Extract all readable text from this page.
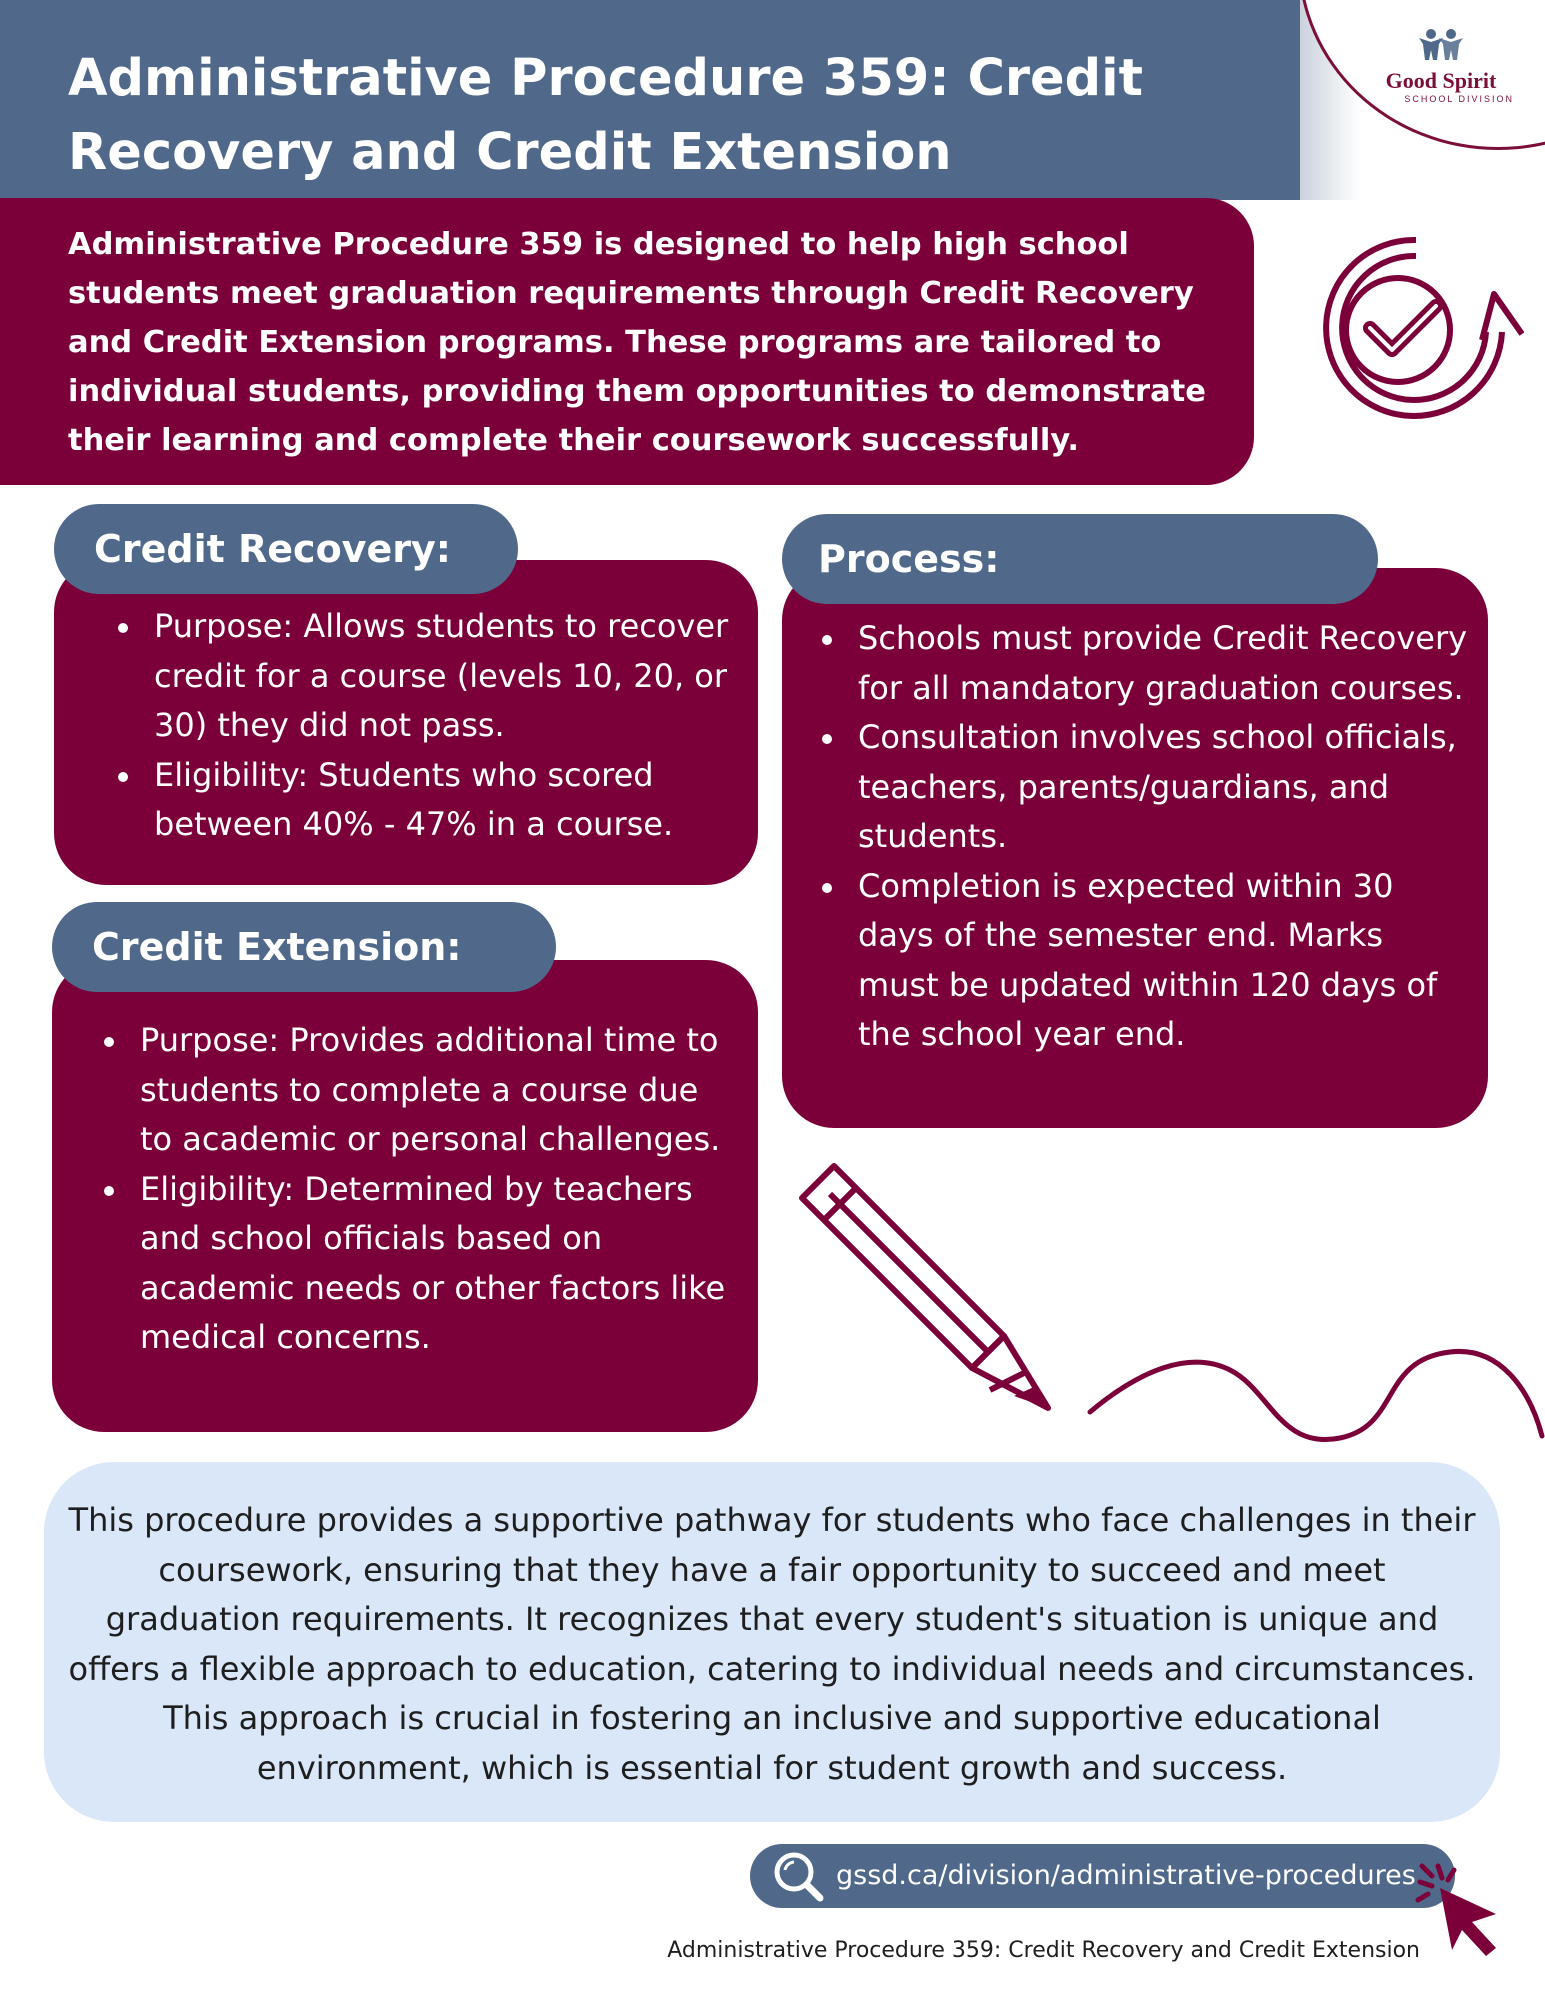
Administrative Procedure 359: Credit
Recovery and Credit Extension
Good Spirit
SCHOOL DIVISION

Administrative Procedure 359 is designed to help high school students meet graduation requirements through Credit Recovery and Credit Extension programs. These programs are tailored to individual students, providing them opportunities to demonstrate their learning and complete their coursework successfully.

Purpose: Allows students to recover credit for a course (levels 10, 20, or 30) they did not pass.
Eligibility: Students who scored between 40% - 47% in a course.
Credit Recovery:
Purpose: Provides additional time to students to complete a course due to academic or personal challenges.
Eligibility: Determined by teachers and school officials based on academic needs or other factors like medical concerns.
Credit Extension:
Schools must provide Credit Recovery for all mandatory graduation courses.
Consultation involves school officials, teachers, parents/guardians, and students.
Completion is expected within 30 days of the semester end. Marks must be updated within 120 days of the school year end.
Process:

This procedure provides a supportive pathway for students who face challenges in their coursework, ensuring that they have a fair opportunity to succeed and meet graduation requirements. It recognizes that every student's situation is unique and offers a flexible approach to education, catering to individual needs and circumstances. This approach is crucial in fostering an inclusive and supportive educational environment, which is essential for student growth and success.

gssd.ca/division/administrative-procedures
Administrative Procedure 359: Credit Recovery and Credit Extension
